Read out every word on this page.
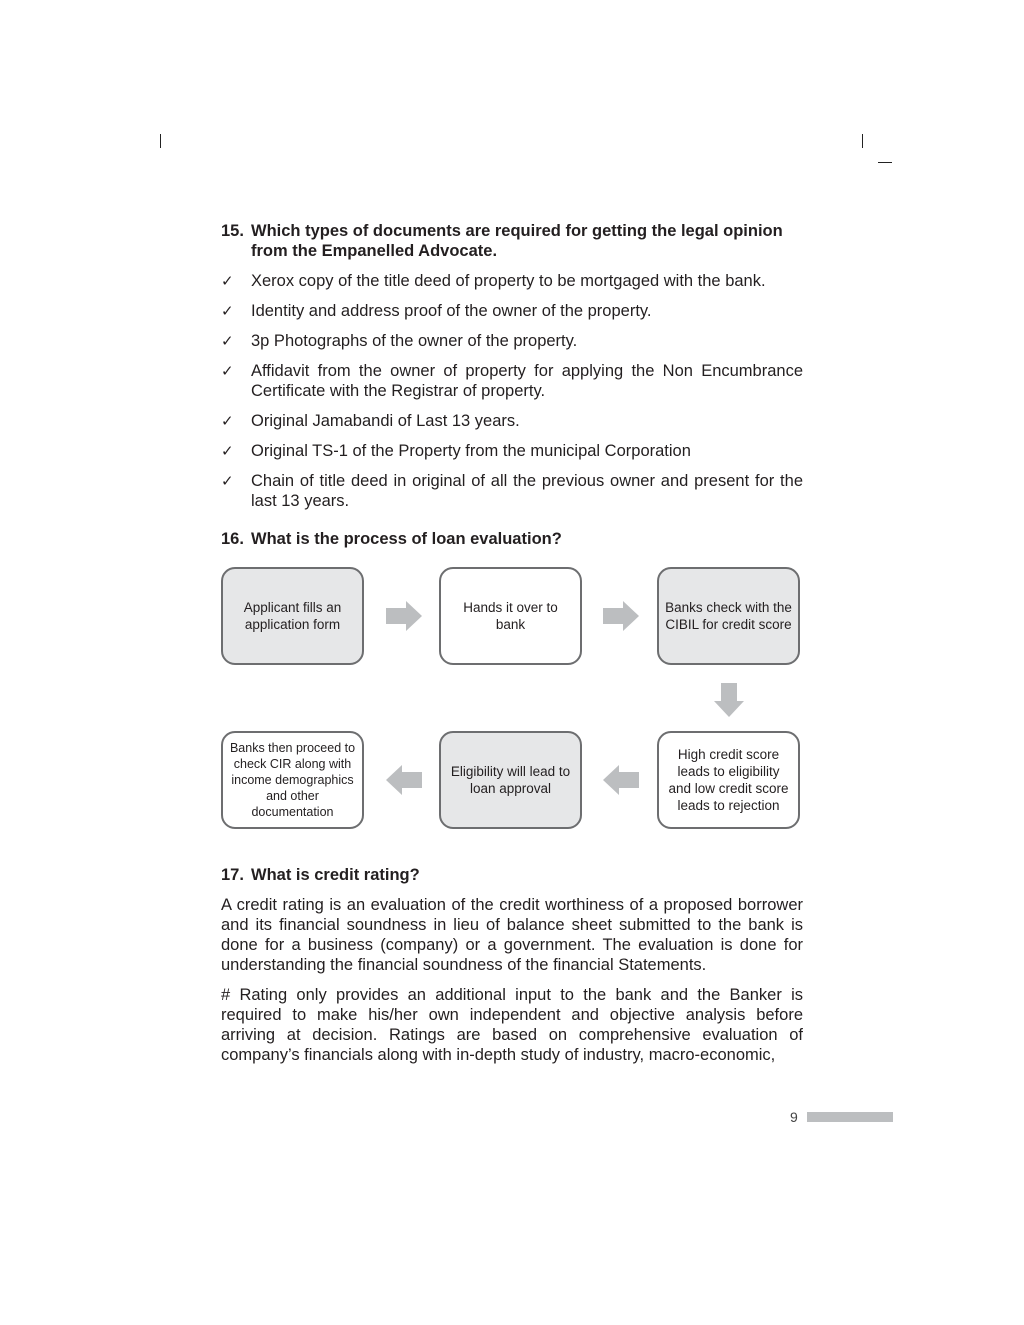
15. Which types of documents are required for getting the legal opinion from the Empanelled Advocate.
✓	Xerox copy of the title deed of property to be mortgaged with the bank.
✓	Identity and address proof of the owner of the property.
✓	3p Photographs of the owner of the property.
✓	Affidavit from the owner of property for applying the Non Encumbrance Certificate with the Registrar of property.
✓	Original Jamabandi of Last 13 years.
✓	Original TS-1 of the Property from the municipal Corporation
✓	Chain of title deed in original of all the previous owner and present for the last 13 years.
16. What is the process of loan evaluation?
Applicant fills an application form
Hands it over to bank
Banks check with the CIBIL for credit score
High credit score leads to eligibility and low credit score leads to rejection
Eligibility will lead to loan approval
Banks then proceed to check CIR along with income demographics and other documentation
17. What is credit rating?

A credit rating is an evaluation of the credit worthiness of a proposed borrower and its financial soundness in lieu of balance sheet submitted to the bank is done for a business (company) or a government. The evaluation is done for understanding the financial soundness of the financial Statements.

# Rating only provides an additional input to the bank and the Banker is required to make his/her own independent and objective analysis before arriving at decision. Ratings are based on comprehensive evaluation of company’s financials along with in-depth study of industry, macro-economic,

9
